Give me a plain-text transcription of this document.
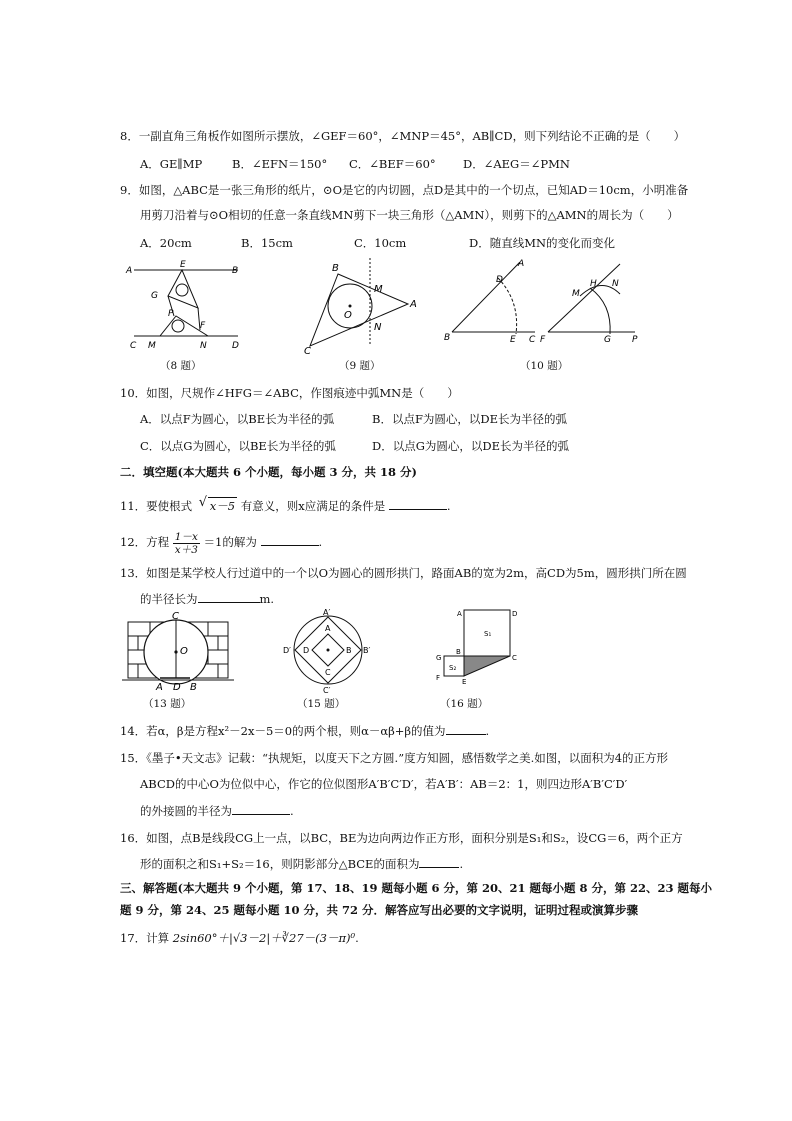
8．一副直角三角板作如图所示摆放，∠GEF＝60°，∠MNP＝45°，AB∥CD，则下列结论不正确的是（　　）
A．GE∥MP	B．∠EFN＝150° C．∠BEF＝60° D．∠AEG＝∠PMN
9．如图，△ABC是一张三角形的纸片，⊙O是它的内切圆，点D是其中的一个切点，已知AD＝10cm，小明准备
用剪刀沿着与⊙O相切的任意一条直线MN剪下一块三角形（△AMN），则剪下的△AMN的周长为（　　）
A．20cm	B．15cm	C．10cm	D．随直线MN的变化而变化
A
E
B
G
P
F
C M	N	D
（8 题）
B
M
O
A
N
C
（9 题）
A
D
B	E C
H N
M
F	G P
（10 题）
10．如图，尺规作∠HFG＝∠ABC，作图痕迹中弧MN是（　　）
A．以点F为圆心，以BE长为半径的弧	B．以点F为圆心，以DE长为半径的弧
C．以点G为圆心，以BE长为半径的弧	D．以点G为圆心，以DE长为半径的弧
二．填空题(本大题共 6 个小题，每小题 3 分，共 18 分)
11．要使根式 √ x－5 有意义，则x应满足的条件是	.
12．方程 $\frac{1-x}{x+3} =1$的解为	.
13．如图是某学校人行过道中的一个以O为圆心的圆形拱门，路面AB的宽为2m，高CD为5m，圆形拱门所在圆
的半径长为	m.
C
O
A D B
（13 题）
A′
A
D′ D	B B′
C
C′
（15 题）
A	D
S₁
G
B
C
S₂
F	E
（16 题）
14．若α，β是方程x²－2x－5＝0的两个根，则α－αβ+β的值为	.
15．《墨子•天文志》记载：“执规矩，以度天下之方圆.”度方知圆，感悟数学之美.如图，以面积为4的正方形
ABCD的中心O为位似中心，作它的位似图形A′B′C′D′，若A′B′：AB＝2：1，则四边形A′B′C′D′
的外接圆的半径为	.
16．如图，点B是线段CG上一点，以BC，BE为边向两边作正方形，面积分别是S₁和S₂，设CG＝6，两个正方
形的面积之和S₁+S₂＝16，则阴影部分△BCE的面积为	.
三、解答题(本大题共 9 个小题，第 17、18、19 题每小题 6 分，第 20、21 题每小题 8 分，第 22、23 题每小
题 9 分，第 24、25 题每小题 10 分，共 72 分．解答应写出必要的文字说明，证明过程或演算步骤
17．计算 2sin60°＋|√3－2|＋∛27－(3－π)⁰.
